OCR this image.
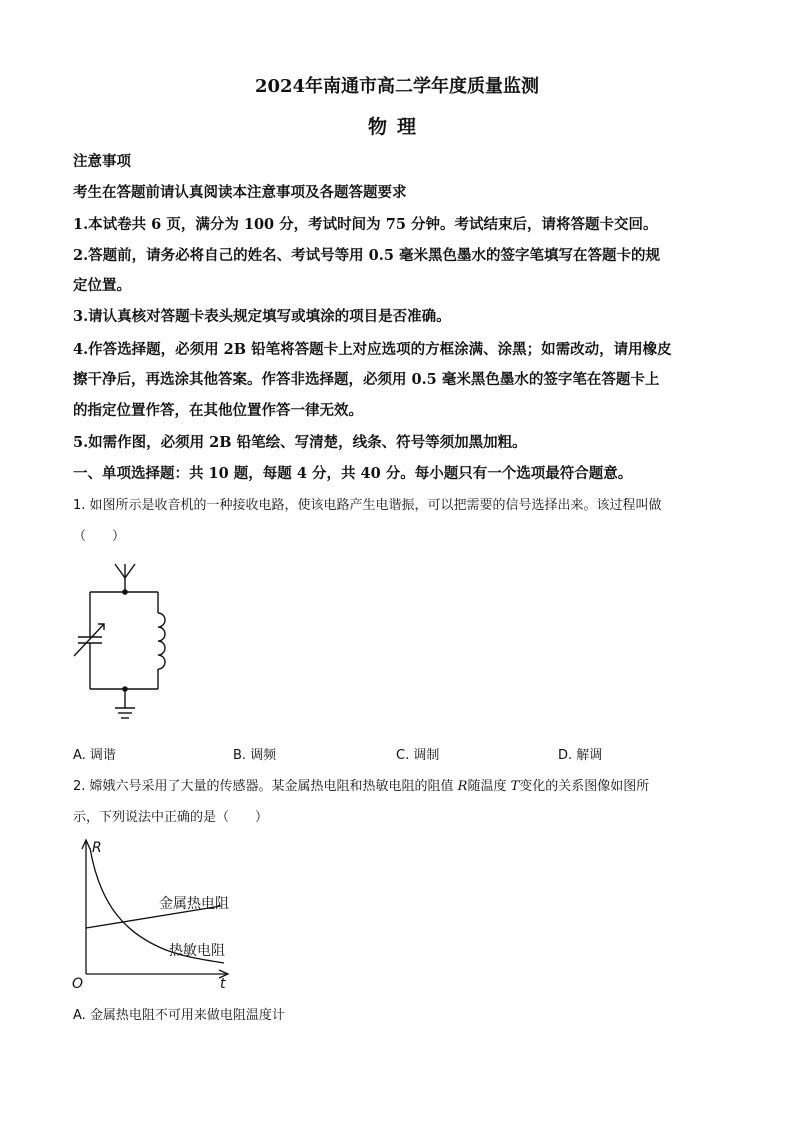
2024年南通市高二学年度质量监测
物理
注意事项
考生在答题前请认真阅读本注意事项及各题答题要求
1.本试卷共 6 页，满分为 100 分，考试时间为 75 分钟。考试结束后，请将答题卡交回。
2.答题前，请务必将自己的姓名、考试号等用 0.5 毫米黑色墨水的签字笔填写在答题卡的规
定位置。
3.请认真核对答题卡表头规定填写或填涂的项目是否准确。
4.作答选择题，必须用 2B 铅笔将答题卡上对应选项的方框涂满、涂黑；如需改动，请用橡皮
擦干净后，再选涂其他答案。作答非选择题，必须用 0.5 毫米黑色墨水的签字笔在答题卡上
的指定位置作答，在其他位置作答一律无效。
5.如需作图，必须用 2B 铅笔绘、写清楚，线条、符号等须加黑加粗。
一、单项选择题：共 10 题，每题 4 分，共 40 分。每小题只有一个选项最符合题意。
1. 如图所示是收音机的一种接收电路，使该电路产生电谐振，可以把需要的信号选择出来。该过程叫做
（　　）
A. 调谐	B. 调频	C. 调制	D. 解调
2. 嫦娥六号采用了大量的传感器。某金属热电阻和热敏电阻的阻值 R随温度 T变化的关系图像如图所
示，下列说法中正确的是（　　）
R
t
O
金属热电阻
热敏电阻
A. 金属热电阻不可用来做电阻温度计
